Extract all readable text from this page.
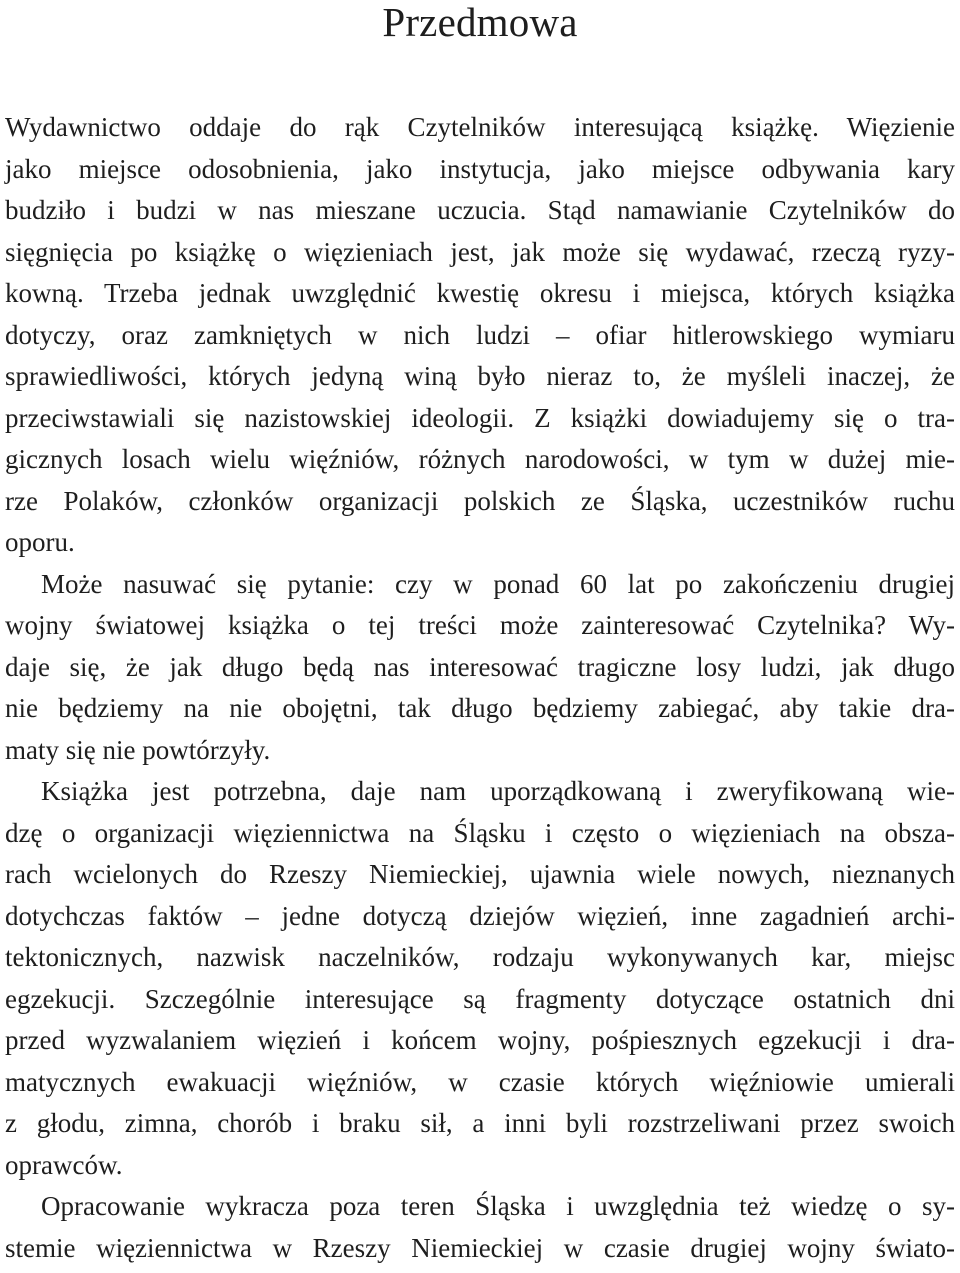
Przedmowa
Wydawnictwo oddaje do rąk Czytelników interesującą książkę. Więzienie
jako miejsce odosobnienia, jako instytucja, jako miejsce odbywania kary
budziło i budzi w nas mieszane uczucia. Stąd namawianie Czytelników do
sięgnięcia po książkę o więzieniach jest, jak może się wydawać, rzeczą ryzy-
kowną. Trzeba jednak uwzględnić kwestię okresu i miejsca, których książka
dotyczy, oraz zamkniętych w nich ludzi – ofiar hitlerowskiego wymiaru
sprawiedliwości, których jedyną winą było nieraz to, że myśleli inaczej, że
przeciwstawiali się nazistowskiej ideologii. Z książki dowiadujemy się o tra-
gicznych losach wielu więźniów, różnych narodowości, w tym w dużej mie-
rze Polaków, członków organizacji polskich ze Śląska, uczestników ruchu
oporu.
Może nasuwać się pytanie: czy w ponad 60 lat po zakończeniu drugiej
wojny światowej książka o tej treści może zainteresować Czytelnika? Wy-
daje się, że jak długo będą nas interesować tragiczne losy ludzi, jak długo
nie będziemy na nie obojętni, tak długo będziemy zabiegać, aby takie dra-
maty się nie powtórzyły.
Książka jest potrzebna, daje nam uporządkowaną i zweryfikowaną wie-
dzę o organizacji więziennictwa na Śląsku i często o więzieniach na obsza-
rach wcielonych do Rzeszy Niemieckiej, ujawnia wiele nowych, nieznanych
dotychczas faktów – jedne dotyczą dziejów więzień, inne zagadnień archi-
tektonicznych, nazwisk naczelników, rodzaju wykonywanych kar, miejsc
egzekucji. Szczególnie interesujące są fragmenty dotyczące ostatnich dni
przed wyzwalaniem więzień i końcem wojny, pośpiesznych egzekucji i dra-
matycznych ewakuacji więźniów, w czasie których więźniowie umierali
z głodu, zimna, chorób i braku sił, a inni byli rozstrzeliwani przez swoich
oprawców.
Opracowanie wykracza poza teren Śląska i uwzględnia też wiedzę o sy-
stemie więziennictwa w Rzeszy Niemieckiej w czasie drugiej wojny świato-
